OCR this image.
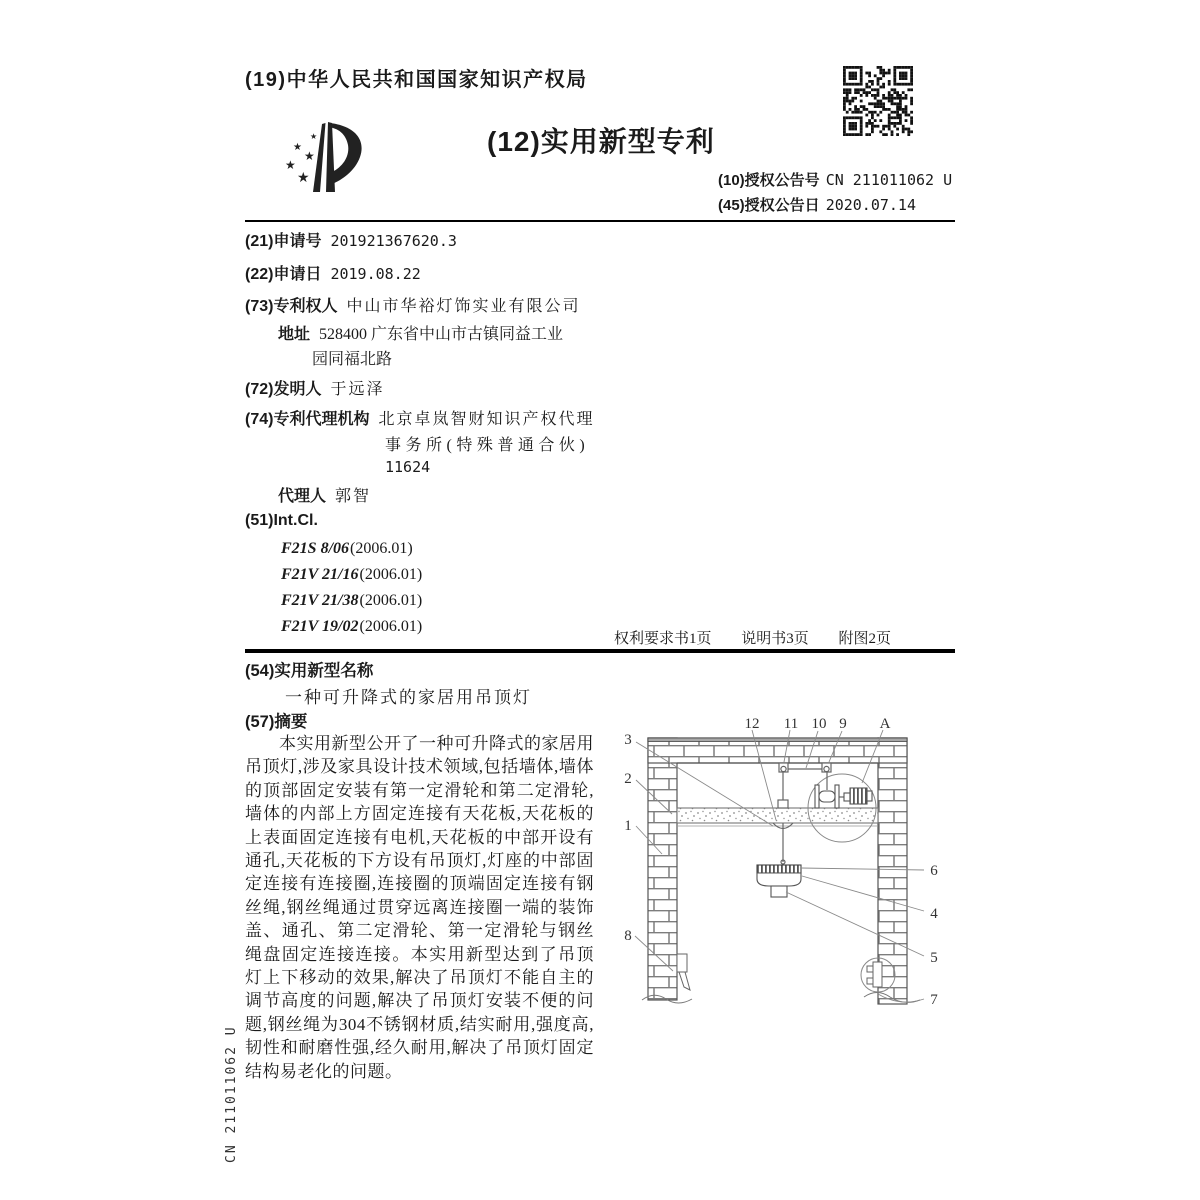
(19)中华人民共和国国家知识产权局
★
★
★
★
★
(12)实用新型专利
(10)授权公告号 CN 211011062 U
(45)授权公告日 2020.07.14
(21)申请号 201921367620.3
(22)申请日 2019.08.22
(73)专利权人 中山市华裕灯饰实业有限公司
地址 528400 广东省中山市古镇同益工业
园同福北路
(72)发明人 于远泽
(74)专利代理机构 北京卓岚智财知识产权代理
事务所(特殊普通合伙)
11624
代理人 郭智
(51)Int.Cl.
F21S 8/06(2006.01)
F21V 21/16(2006.01)
F21V 21/38(2006.01)
F21V 19/02(2006.01)
权利要求书1页 说明书3页 附图2页
(54)实用新型名称
一种可升降式的家居用吊顶灯
(57)摘要
本实用新型公开了一种可升降式的家居用吊顶灯,涉及家具设计技术领域,包括墙体,墙体的顶部固定安装有第一定滑轮和第二定滑轮,墙体的内部上方固定连接有天花板,天花板的上表面固定连接有电机,天花板的中部开设有通孔,天花板的下方设有吊顶灯,灯座的中部固定连接有连接圈,连接圈的顶端固定连接有钢丝绳,钢丝绳通过贯穿远离连接圈一端的装饰盖、通孔、第二定滑轮、第一定滑轮与钢丝绳盘固定连接连接。本实用新型达到了吊顶灯上下移动的效果,解决了吊顶灯不能自主的调节高度的问题,解决了吊顶灯安装不便的问题,钢丝绳为304不锈钢材质,结实耐用,强度高,韧性和耐磨性强,经久耐用,解决了吊顶灯固定结构易老化的问题。
12 11 10 9 A
3
2
1
8
6
4
5
7
CN 211011062 U
